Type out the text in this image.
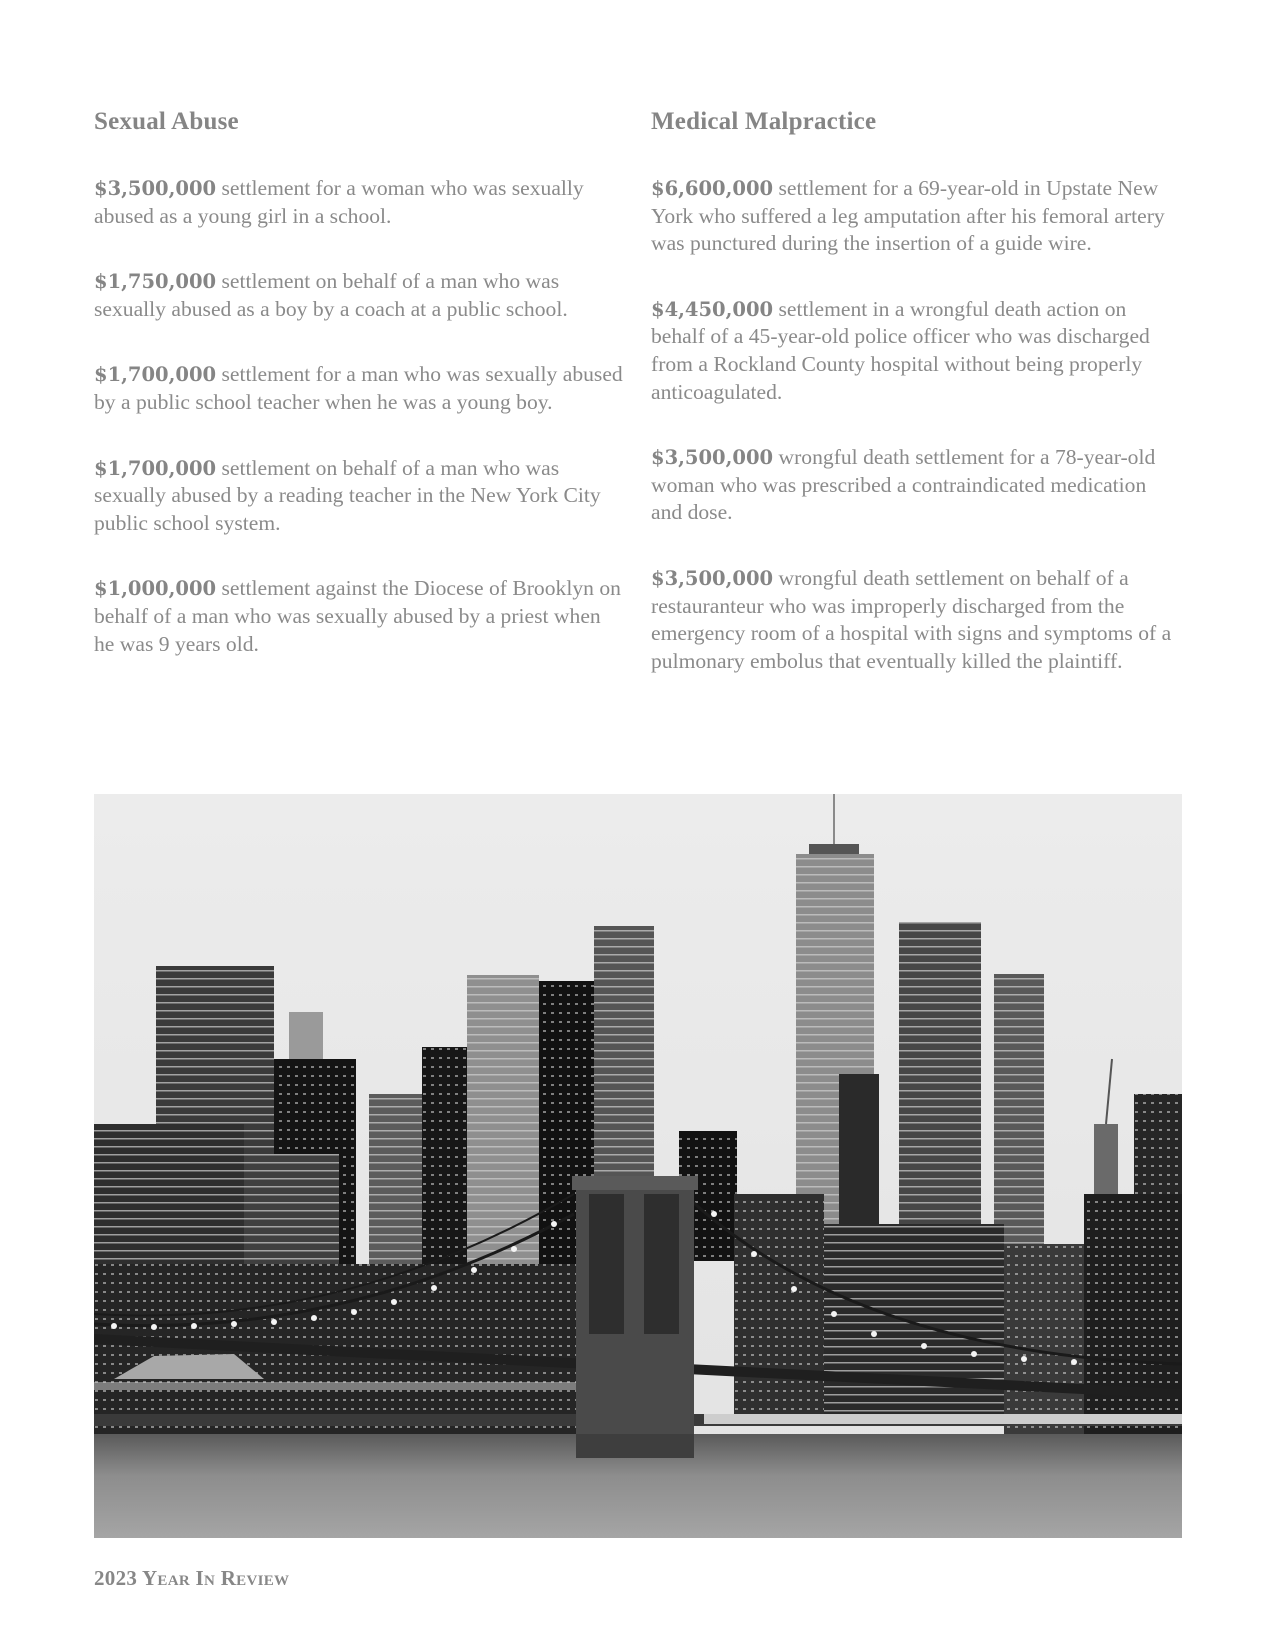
Sexual Abuse

$3,500,000 settlement for a woman who was sexually abused as a young girl in a school.

$1,750,000 settlement on behalf of a man who was sexually abused as a boy by a coach at a public school.

$1,700,000 settlement for a man who was sexually abused by a public school teacher when he was a young boy.

$1,700,000 settlement on behalf of a man who was sexually abused by a reading teacher in the New York City public school system.

$1,000,000 settlement against the Diocese of Brooklyn on behalf of a man who was sexually abused by a priest when he was 9 years old.

Medical Malpractice

$6,600,000 settlement for a 69-year-old in Upstate New York who suffered a leg amputation after his femoral artery was punctured during the insertion of a guide wire.

$4,450,000 settlement in a wrongful death action on behalf of a 45-year-old police officer who was discharged from a Rockland County hospital without being properly anticoagulated.

$3,500,000 wrongful death settlement for a 78-year-old woman who was prescribed a contraindicated medication and dose.

$3,500,000 wrongful death settlement on behalf of a restauranteur who was improperly discharged from the emergency room of a hospital with signs and symptoms of a pulmonary embolus that eventually killed the plaintiff.

2023 Year In Review
